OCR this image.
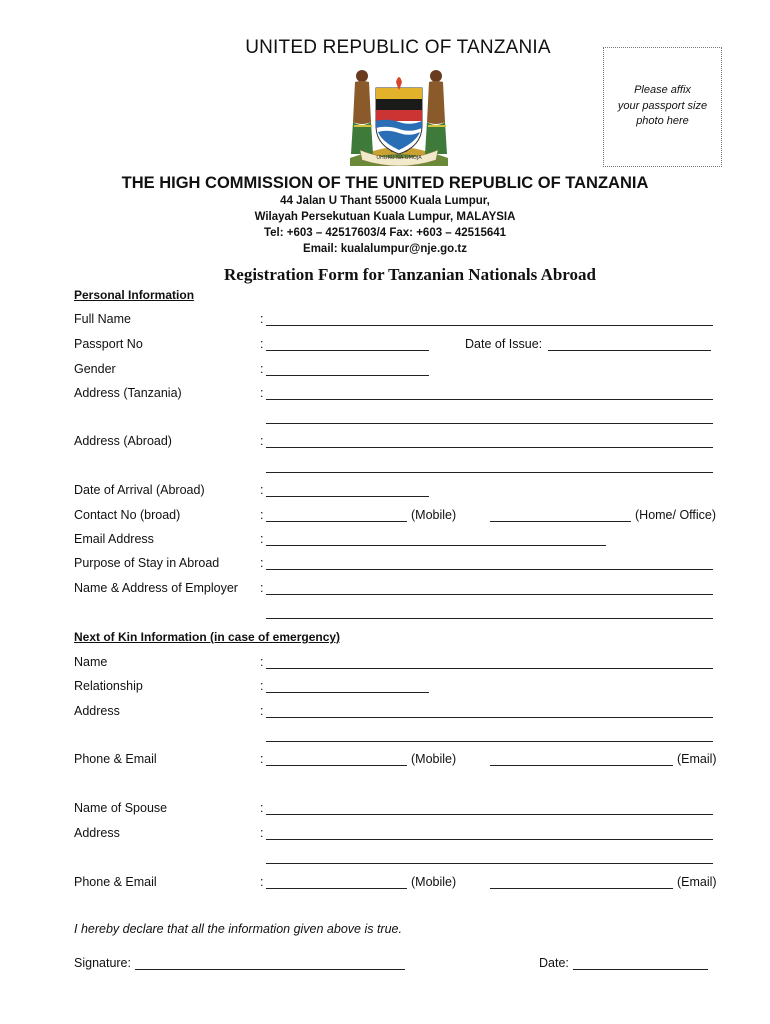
UNITED REPUBLIC OF TANZANIA
Please affix
your passport size
photo here
UHURU NA UMOJA
THE HIGH COMMISSION OF THE UNITED REPUBLIC OF TANZANIA
44 Jalan U Thant 55000 Kuala Lumpur,
Wilayah Persekutuan Kuala Lumpur, MALAYSIA
Tel: +603 – 42517603/4 Fax: +603 – 42515641
Email: kualalumpur@nje.go.tz
Registration Form for Tanzanian Nationals Abroad
Personal Information
Full Name	:
Passport No	:	Date of Issue:
Gender	:
Address (Tanzania)	:
Address (Abroad)	:
Date of Arrival (Abroad)	:
Contact No (broad)	:	(Mobile)	(Home/ Office)
Email Address	:
Purpose of Stay in Abroad	:
Name & Address of Employer :
Next of Kin Information (in case of emergency)
Name	:
Relationship	:
Address	:
Phone & Email	:	(Mobile)	(Email)
Name of Spouse	:
Address	:
Phone & Email	:	(Mobile)	(Email)
I hereby declare that all the information given above is true.
Signature:	Date:
